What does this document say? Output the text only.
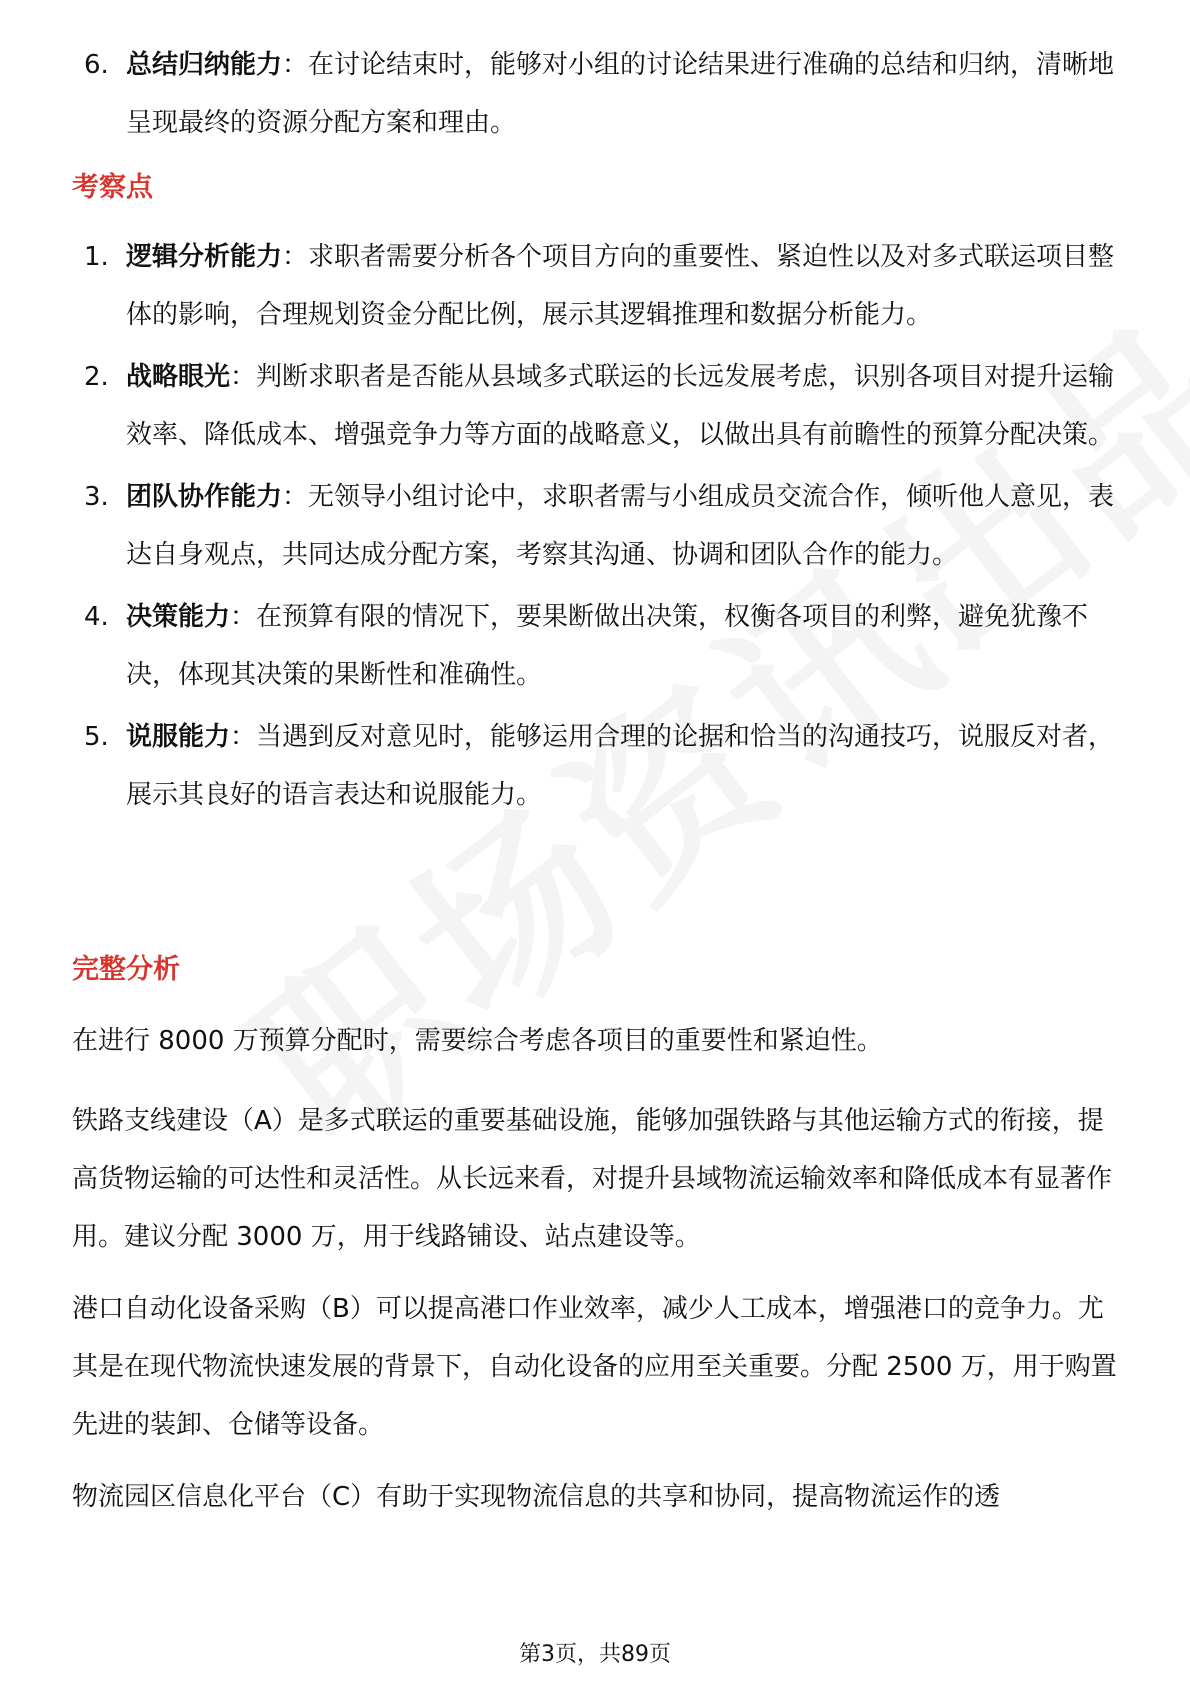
6. 总结归纳能力：在讨论结束时，能够对小组的讨论结果进行准确的总结和归纳，清晰地呈现最终的资源分配方案和理由。
考察点
1. 逻辑分析能力：求职者需要分析各个项目方向的重要性、紧迫性以及对多式联运项目整体的影响，合理规划资金分配比例，展示其逻辑推理和数据分析能力。
2. 战略眼光：判断求职者是否能从县域多式联运的长远发展考虑，识别各项目对提升运输效率、降低成本、增强竞争力等方面的战略意义，以做出具有前瞻性的预算分配决策。
3. 团队协作能力：无领导小组讨论中，求职者需与小组成员交流合作，倾听他人意见，表达自身观点，共同达成分配方案，考察其沟通、协调和团队合作的能力。
4. 决策能力：在预算有限的情况下，要果断做出决策，权衡各项目的利弊，避免犹豫不决，体现其决策的果断性和准确性。
5. 说服能力：当遇到反对意见时，能够运用合理的论据和恰当的沟通技巧，说服反对者，展示其良好的语言表达和说服能力。
完整分析
在进行 8000 万预算分配时，需要综合考虑各项目的重要性和紧迫性。
铁路支线建设（A）是多式联运的重要基础设施，能够加强铁路与其他运输方式的衔接，提高货物运输的可达性和灵活性。从长远来看，对提升县域物流运输效率和降低成本有显著作用。建议分配 3000 万，用于线路铺设、站点建设等。
港口自动化设备采购（B）可以提高港口作业效率，减少人工成本，增强港口的竞争力。尤其是在现代物流快速发展的背景下，自动化设备的应用至关重要。分配 2500 万，用于购置先进的装卸、仓储等设备。
物流园区信息化平台（C）有助于实现物流信息的共享和协同，提高物流运作的透
第3页，共89页
